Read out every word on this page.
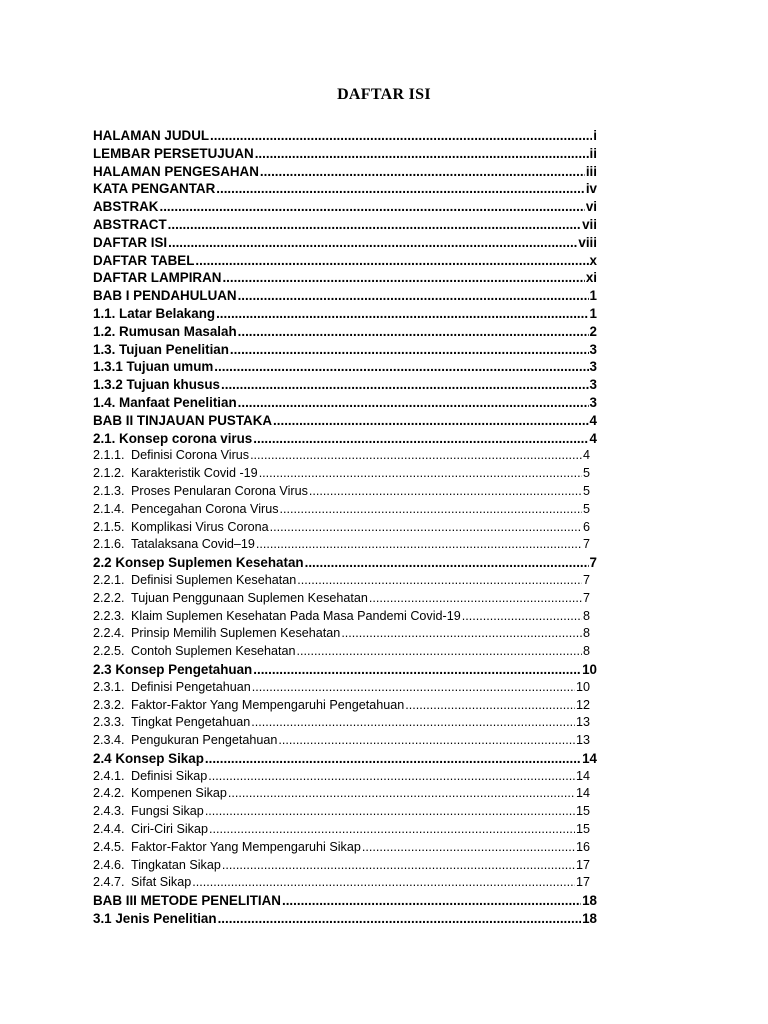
DAFTAR ISI
HALAMAN JUDUL .....	i
LEMBAR PERSETUJUAN .....	ii
HALAMAN PENGESAHAN .....	iii
KATA PENGANTAR .....	iv
ABSTRAK .....	vi
ABSTRACT .....	vii
DAFTAR ISI .....	viii
DAFTAR TABEL .....	x
DAFTAR LAMPIRAN .....	xi
BAB I PENDAHULUAN .....	1
1.1. Latar Belakang .....	1
1.2. Rumusan Masalah .....	2
1.3. Tujuan Penelitian .....	3
1.3.1 Tujuan umum .....	3
1.3.2 Tujuan khusus .....	3
1.4. Manfaat Penelitian .....	3
BAB II TINJAUAN PUSTAKA .....	4
2.1. Konsep corona virus .....	4
2.1.1. Definisi Corona Virus .....	4
2.1.2. Karakteristik Covid -19 .....	5
2.1.3. Proses Penularan Corona Virus .....	5
2.1.4. Pencegahan Corona Virus .....	5
2.1.5. Komplikasi Virus Corona .....	6
2.1.6. Tatalaksana Covid–19 .....	7
2.2 Konsep Suplemen Kesehatan .....	7
2.2.1. Definisi Suplemen Kesehatan .....	7
2.2.2. Tujuan Penggunaan Suplemen Kesehatan .....	7
2.2.3. Klaim Suplemen Kesehatan Pada Masa Pandemi Covid-19 .....	8
2.2.4. Prinsip Memilih Suplemen Kesehatan .....	8
2.2.5. Contoh Suplemen Kesehatan .....	8
2.3 Konsep Pengetahuan .....	10
2.3.1. Definisi Pengetahuan .....	10
2.3.2. Faktor-Faktor Yang Mempengaruhi Pengetahuan .....	12
2.3.3. Tingkat Pengetahuan .....	13
2.3.4. Pengukuran Pengetahuan .....	13
2.4 Konsep Sikap .....	14
2.4.1. Definisi Sikap .....	14
2.4.2. Kompenen Sikap .....	14
2.4.3. Fungsi Sikap .....	15
2.4.4. Ciri-Ciri Sikap .....	15
2.4.5. Faktor-Faktor Yang Mempengaruhi Sikap .....	16
2.4.6. Tingkatan Sikap .....	17
2.4.7. Sifat Sikap .....	17
BAB III METODE PENELITIAN .....	18
3.1 Jenis Penelitian .....	18
